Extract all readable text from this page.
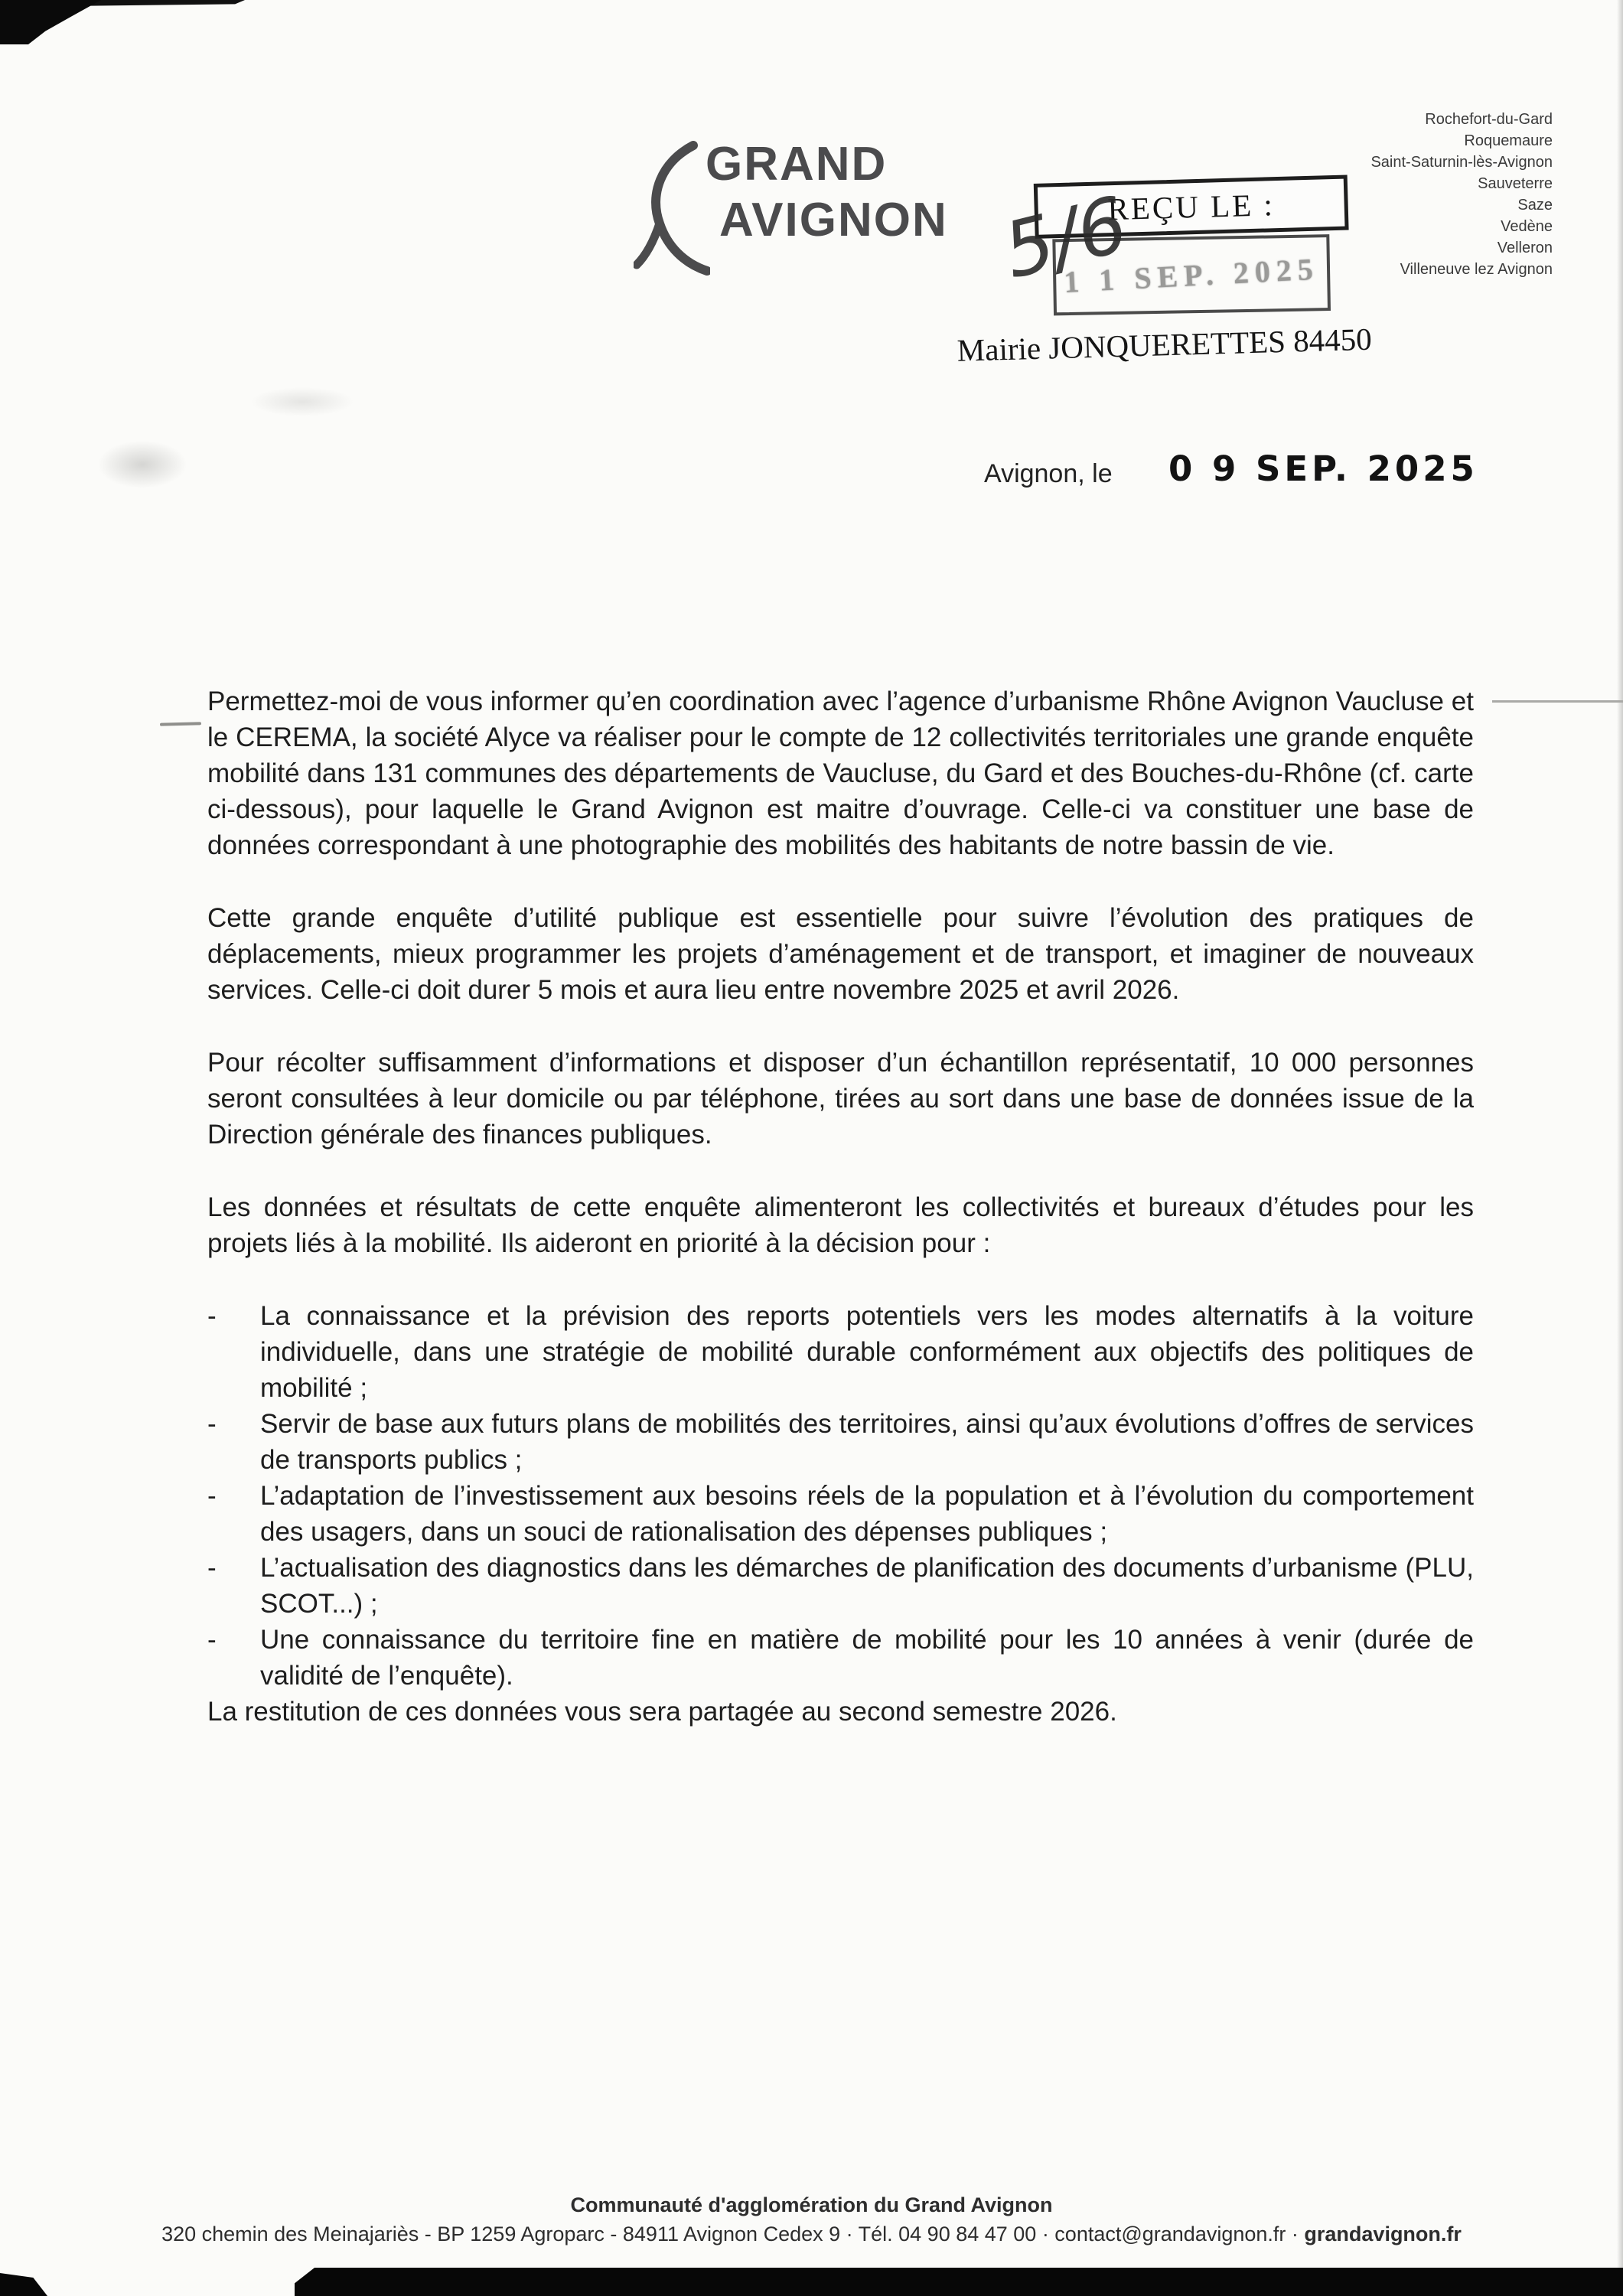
GRAND
AVIGNON
Rochefort-du-Gard
Roquemaure
Saint-Saturnin-lès-Avignon
Sauveterre
Saze
Vedène
Velleron
Villeneuve lez Avignon
REÇU LE :
1 1 SEP. 2025
Mairie JONQUERETTES 84450
5/6
Avignon, le 0 9 SEP. 2025

Permettez-moi de vous informer qu’en coordination avec l’agence d’urbanisme Rhône Avignon Vaucluse et le CEREMA, la société Alyce va réaliser pour le compte de 12 collectivités territoriales une grande enquête mobilité dans 131 communes des départements de Vaucluse, du Gard et des Bouches-du-Rhône (cf. carte ci-dessous), pour laquelle le Grand Avignon est maitre d’ouvrage. Celle-ci va constituer une base de données correspondant à une photographie des mobilités des habitants de notre bassin de vie.

Cette grande enquête d’utilité publique est essentielle pour suivre l’évolution des pratiques de déplacements, mieux programmer les projets d’aménagement et de transport, et imaginer de nouveaux services. Celle-ci doit durer 5 mois et aura lieu entre novembre 2025 et avril 2026.

Pour récolter suffisamment d’informations et disposer d’un échantillon représentatif, 10 000 personnes seront consultées à leur domicile ou par téléphone, tirées au sort dans une base de données issue de la Direction générale des finances publiques.

Les données et résultats de cette enquête alimenteront les collectivités et bureaux d’études pour les projets liés à la mobilité. Ils aideront en priorité à la décision pour :

-	La connaissance et la prévision des reports potentiels vers les modes alternatifs à la voiture individuelle, dans une stratégie de mobilité durable conformément aux objectifs des politiques de mobilité ;
-	Servir de base aux futurs plans de mobilités des territoires, ainsi qu’aux évolutions d’offres de services de transports publics ;
-	L’adaptation de l’investissement aux besoins réels de la population et à l’évolution du comportement des usagers, dans un souci de rationalisation des dépenses publiques ;
-	L’actualisation des diagnostics dans les démarches de planification des documents d’urbanisme (PLU, SCOT...) ;
-	Une connaissance du territoire fine en matière de mobilité pour les 10 années à venir (durée de validité de l’enquête).

La restitution de ces données vous sera partagée au second semestre 2026.

Communauté d'agglomération du Grand Avignon
320 chemin des Meinajariès - BP 1259 Agroparc - 84911 Avignon Cedex 9 · Tél. 04 90 84 47 00 · contact@grandavignon.fr · grandavignon.fr
